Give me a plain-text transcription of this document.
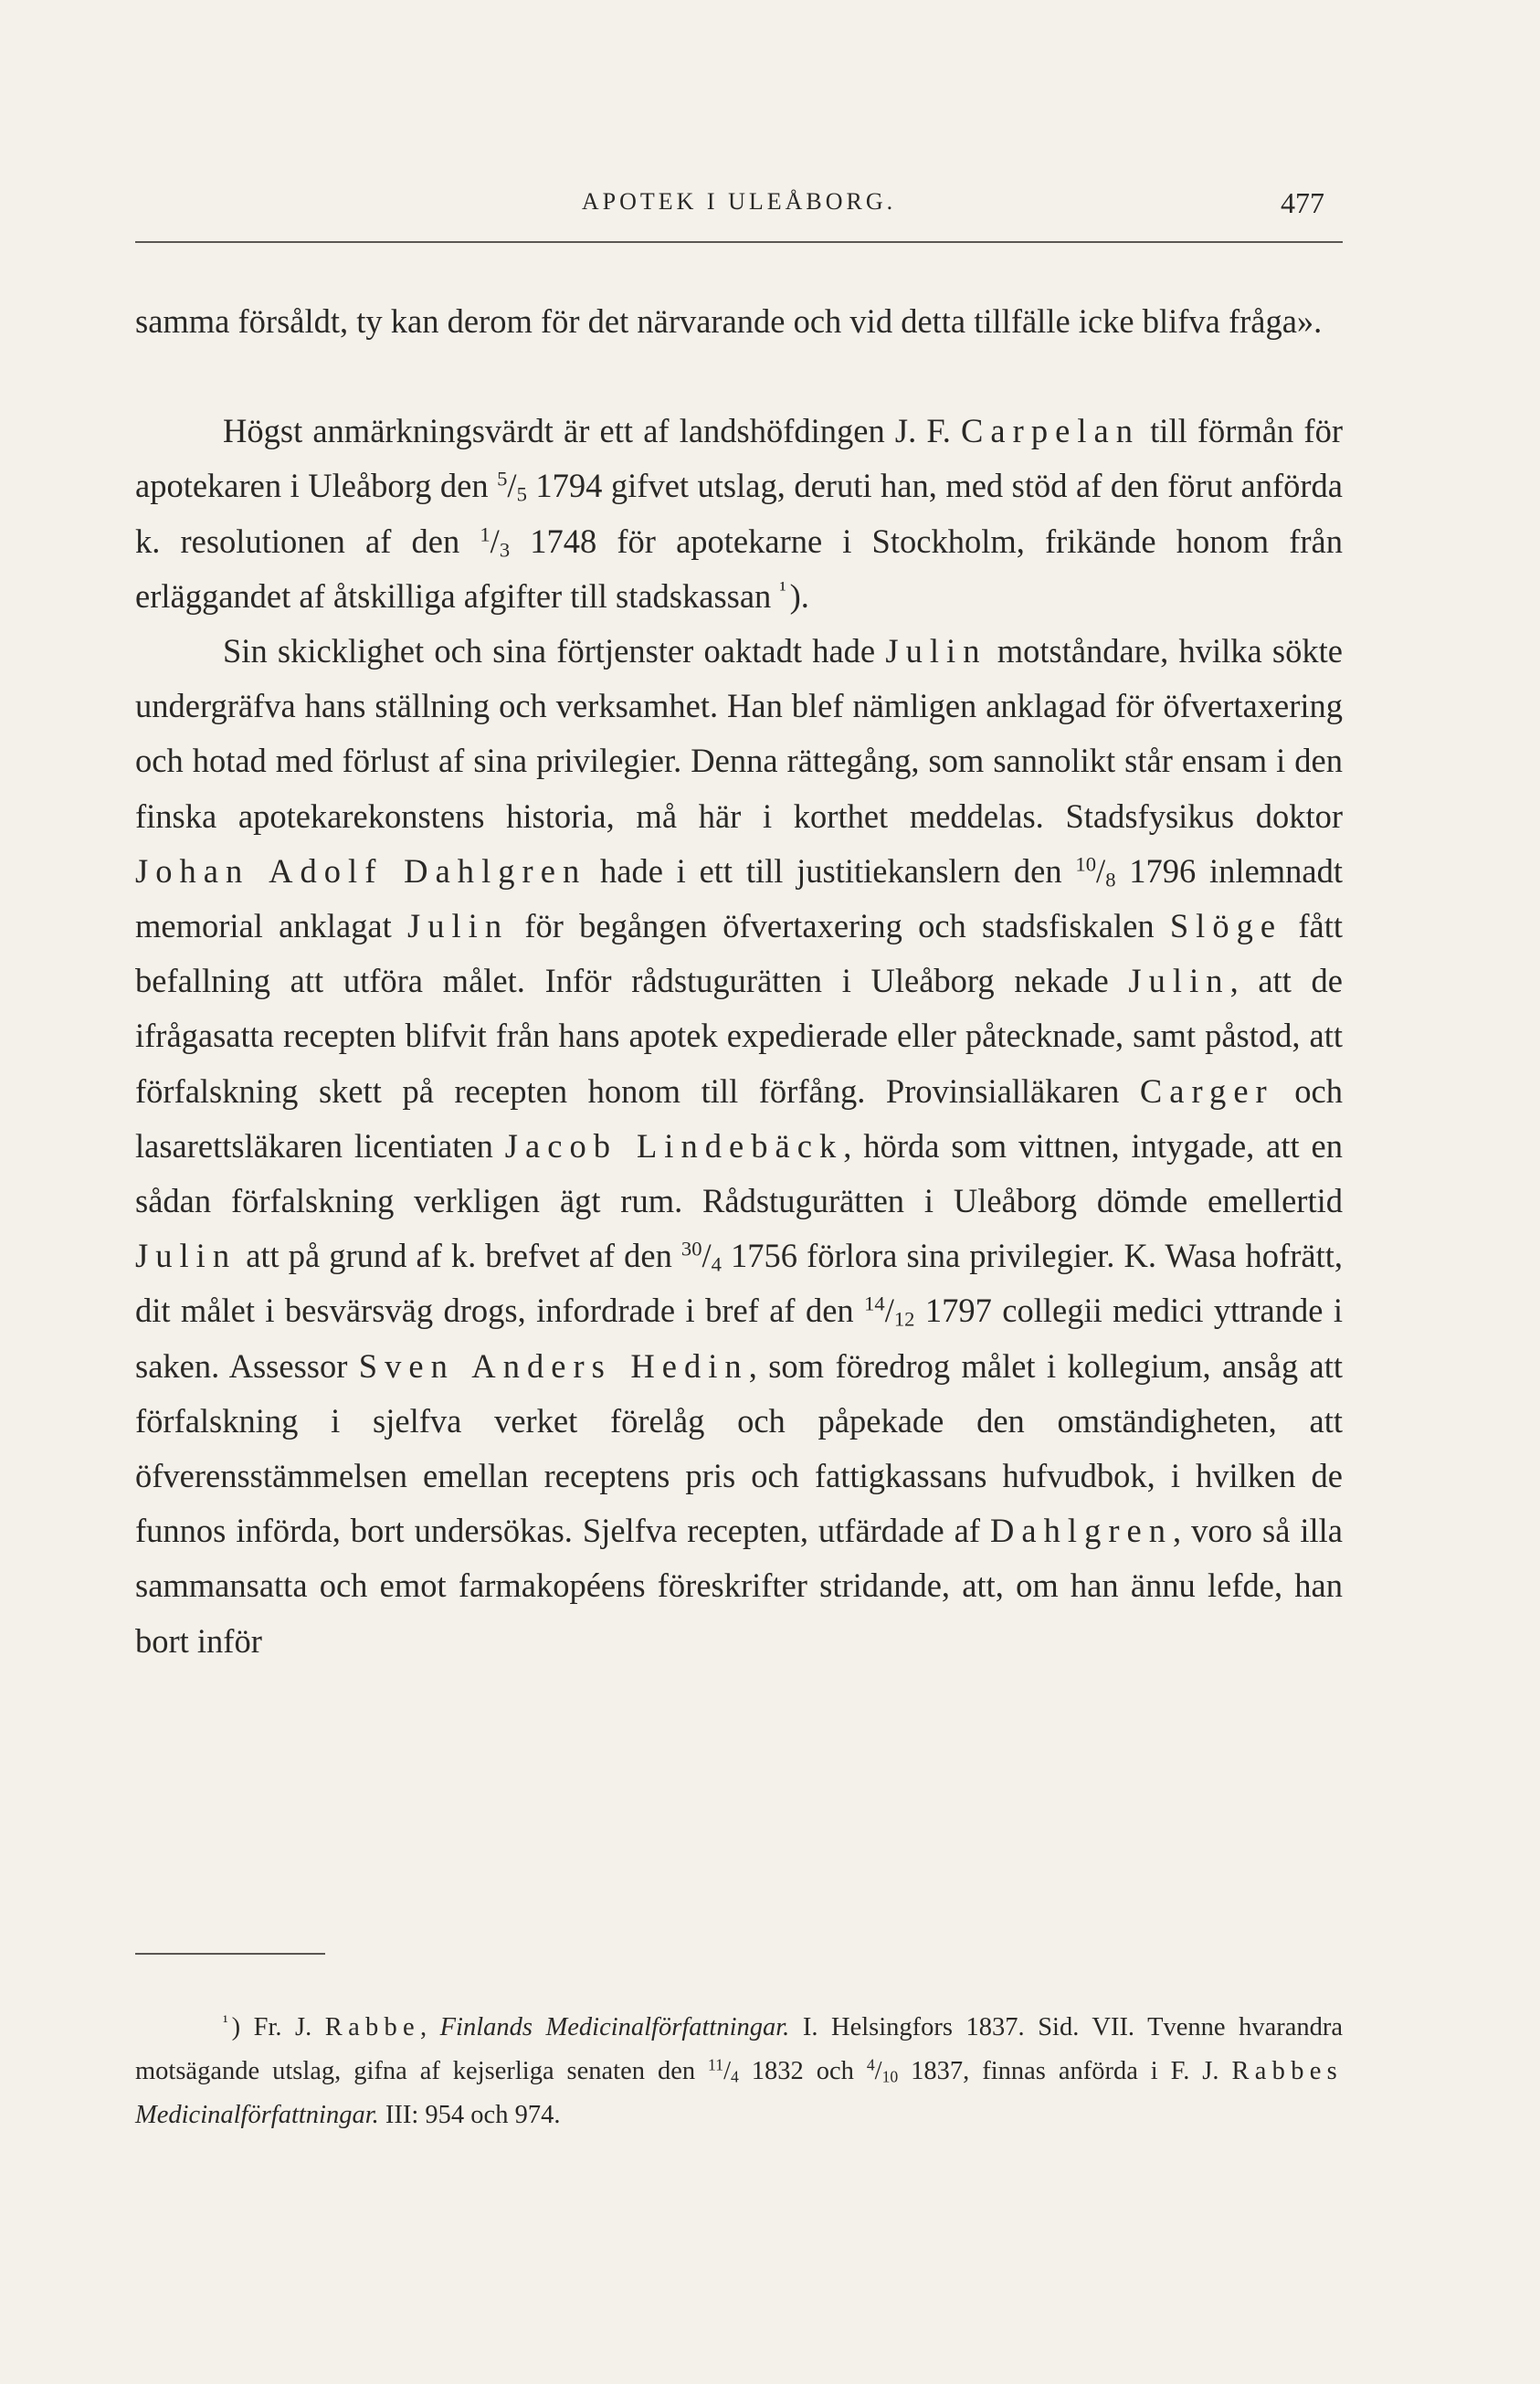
APOTEK I ULEÅBORG.	477

samma försåldt, ty kan derom för det närvarande och vid detta tillfälle icke blifva fråga».

Högst anmärkningsvärdt är ett af landshöfdingen J. F. Carpelan till förmån för apotekaren i Uleåborg den $^5/_5$ 1794 gifvet utslag, deruti han, med stöd af den förut anförda k. resolutionen af den $^1/_3$ 1748 för apotekarne i Stockholm, frikände honom från erläggandet af åtskilliga afgifter till stadskassan $^{^1}$ ).

Sin skicklighet och sina förtjenster oaktadt hade Julin motståndare, hvilka sökte undergräfva hans ställning och verksamhet. Han blef nämligen anklagad för öfvertaxering och hotad med förlust af sina privilegier. Denna rättegång, som sannolikt står ensam i den finska apotekarekonstens historia, må här i korthet meddelas. Stadsfysikus doktor Johan Adolf Dahlgren hade i ett till justitiekanslern den $^{10}/_8$ 1796 inlemnadt memorial anklagat Julin för begången öfvertaxering och stadsfiskalen Slöge fått befallning att utföra målet. Inför rådstugurätten i Uleåborg nekade Julin, att de ifrågasatta recepten blifvit från hans apotek expedierade eller påtecknade, samt påstod, att förfalskning skett på recepten honom till förfång. Provinsialläkaren Carger och lasarettsläkaren licentiaten Jacob Lindebäck, hörda som vittnen, intygade, att en sådan förfalskning verkligen ägt rum. Rådstugurätten i Uleåborg dömde emellertid Julin att på grund af k. brefvet af den $^{30}/_4$ 1756 förlora sina privilegier. K. Wasa hofrätt, dit målet i besvärsväg drogs, infordrade i bref af den $^{14}/_{12}$ 1797 collegii medici yttrande i saken. Assessor Sven Anders Hedin, som föredrog målet i kollegium, ansåg att förfalskning i sjelfva verket förelåg och påpekade den omständigheten, att öfverensstämmelsen emellan receptens pris och fattigkassans hufvudbok, i hvilken de funnos införda, bort undersökas. Sjelfva recepten, utfärdade af Dahlgren, voro så illa sammansatta och emot farmakopéens föreskrifter stridande, att, om han ännu lefde, han bort inför

$^{^1}$ ) Fr. J. Rabbe, Finlands Medicinalförfattningar. I. Helsingfors 1837. Sid. VII. Tvenne hvarandra motsägande utslag, gifna af kejserliga senaten den $^{11}/_4$ 1832 och $^4/_{10}$ 1837, finnas anförda i F. J. Rabbes Medicinalförfattningar. III: 954 och 974.
